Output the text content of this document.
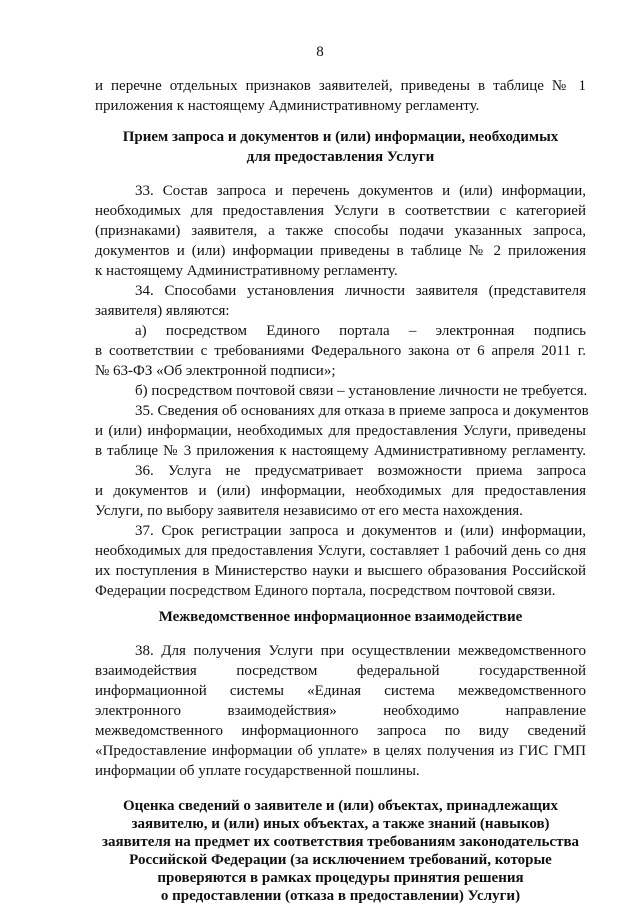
8
и перечне отдельных признаков заявителей, приведены в таблице № 1
приложения к настоящему Административному регламенту.
Прием запроса и документов и (или) информации, необходимых
для предоставления Услуги
33. Состав запроса и перечень документов и (или) информации,
необходимых для предоставления Услуги в соответствии с категорией
(признаками) заявителя, а также способы подачи указанных запроса,
документов и (или) информации приведены в таблице № 2 приложения
к настоящему Административному регламенту.
34. Способами установления личности заявителя (представителя
заявителя) являются:
а) посредством Единого портала – электронная подпись
в соответствии с требованиями Федерального закона от 6 апреля 2011 г.
№ 63-ФЗ «Об электронной подписи»;
б) посредством почтовой связи – установление личности не требуется.
35. Сведения об основаниях для отказа в приеме запроса и документов
и (или) информации, необходимых для предоставления Услуги, приведены
в таблице № 3 приложения к настоящему Административному регламенту.
36. Услуга не предусматривает возможности приема запроса
и документов и (или) информации, необходимых для предоставления
Услуги, по выбору заявителя независимо от его места нахождения.
37. Срок регистрации запроса и документов и (или) информации,
необходимых для предоставления Услуги, составляет 1 рабочий день со дня
их поступления в Министерство науки и высшего образования Российской
Федерации посредством Единого портала, посредством почтовой связи.
Межведомственное информационное взаимодействие
38. Для получения Услуги при осуществлении межведомственного
взаимодействия посредством федеральной государственной
информационной системы «Единая система межведомственного
электронного взаимодействия» необходимо направление
межведомственного информационного запроса по виду сведений
«Предоставление информации об уплате» в целях получения из ГИС ГМП
информации об уплате государственной пошлины.
Оценка сведений о заявителе и (или) объектах, принадлежащих
заявителю, и (или) иных объектах, а также знаний (навыков)
заявителя на предмет их соответствия требованиям законодательства
Российской Федерации (за исключением требований, которые
проверяются в рамках процедуры принятия решения
о предоставлении (отказа в предоставлении) Услуги)
